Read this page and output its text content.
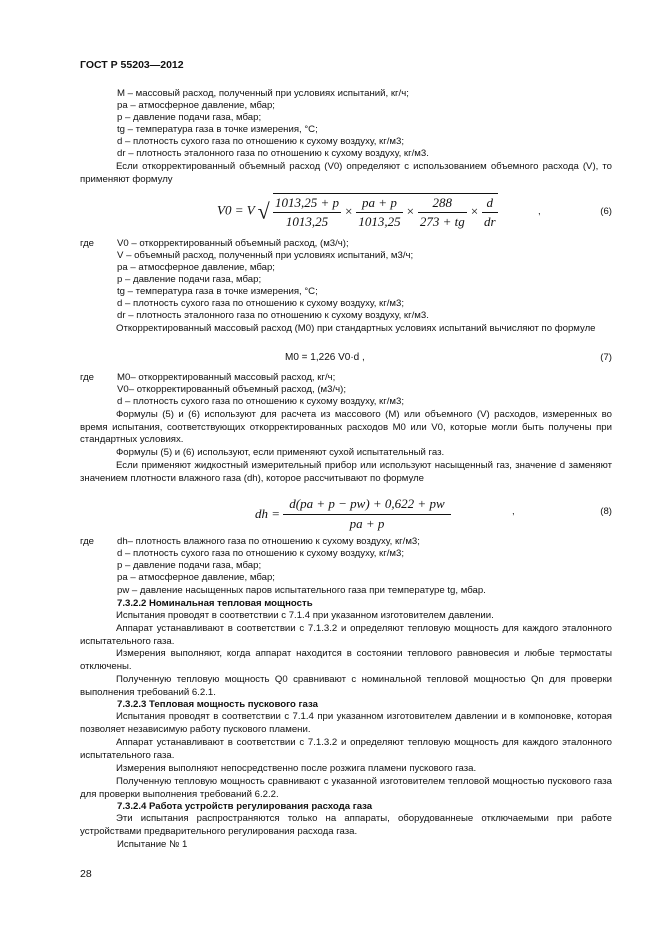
ГОСТ Р 55203—2012
M – массовый расход, полученный при условиях испытаний, кг/ч;
pa – атмосферное давление, мбар;
p – давление подачи газа, мбар;
tg – температура газа в точке измерения, °С;
d – плотность сухого газа по отношению к сухому воздуху, кг/м3;
dr – плотность эталонного газа по отношению к сухому воздуху, кг/м3.
Если откорректированный объемный расход (V0) определяют с использованием объемного расхода (V), то применяют формулу
V0 = V √ $\frac{1013,25 + p}{1013,25} \times \frac{pa + p}{1013,25} \times \frac{288}{273 + tg} \times \frac{d}{dr}$	,	(6)
где V0 – откорректированный объемный расход, (м3/ч);
V – объемный расход, полученный при условиях испытаний, м3/ч;
pa – атмосферное давление, мбар;
p – давление подачи газа, мбар;
tg – температура газа в точке измерения, °С;
d – плотность сухого газа по отношению к сухому воздуху, кг/м3;
dr – плотность эталонного газа по отношению к сухому воздуху, кг/м3.
Откорректированный массовый расход (M0) при стандартных условиях испытаний вычисляют по формуле
M0 = 1,226 V0·d ,	(7)
где M0– откорректированный массовый расход, кг/ч;
V0– откорректированный объемный расход, (м3/ч);
d – плотность сухого газа по отношению к сухому воздуху, кг/м3;
Формулы (5) и (6) используют для расчета из массового (M) или объемного (V) расходов, измеренных во время испытания, соответствующих откорректированных расходов M0 или V0, которые могли быть получены при стандартных условиях.
Формулы (5) и (6) используют, если применяют сухой испытательный газ.
Если применяют жидкостный измерительный прибор или используют насыщенный газ, значение d заменяют значением плотности влажного газа (dh), которое рассчитывают по формуле
dh = $\frac{d(pa + p - pw) + 0,622 + pw}{pa + p}$	,	(8)
где dh– плотность влажного газа по отношению к сухому воздуху, кг/м3;
d – плотность сухого газа по отношению к сухому воздуху, кг/м3;
p – давление подачи газа, мбар;
pa – атмосферное давление, мбар;
pw – давление насыщенных паров испытательного газа при температуре tg, мбар.
7.3.2.2 Номинальная тепловая мощность
Испытания проводят в соответствии с 7.1.4 при указанном изготовителем давлении.
Аппарат устанавливают в соответствии с 7.1.3.2 и определяют тепловую мощность для каждого эталонного испытательного газа.
Измерения выполняют, когда аппарат находится в состоянии теплового равновесия и любые термостаты отключены.
Полученную тепловую мощность Q0 сравнивают с номинальной тепловой мощностью Qn для проверки выполнения требований 6.2.1.
7.3.2.3 Тепловая мощность пускового газа
Испытания проводят в соответствии с 7.1.4 при указанном изготовителем давлении и в компоновке, которая позволяет независимую работу пускового пламени.
Аппарат устанавливают в соответствии с 7.1.3.2 и определяют тепловую мощность для каждого эталонного испытательного газа.
Измерения выполняют непосредственно после розжига пламени пускового газа.
Полученную тепловую мощность сравнивают с указанной изготовителем тепловой мощностью пускового газа для проверки выполнения требований 6.2.2.
7.3.2.4 Работа устройств регулирования расхода газа
Эти испытания распространяются только на аппараты, оборудованнеые отключаемыми при работе устройствами предварительного регулирования расхода газа.
Испытание № 1
28
